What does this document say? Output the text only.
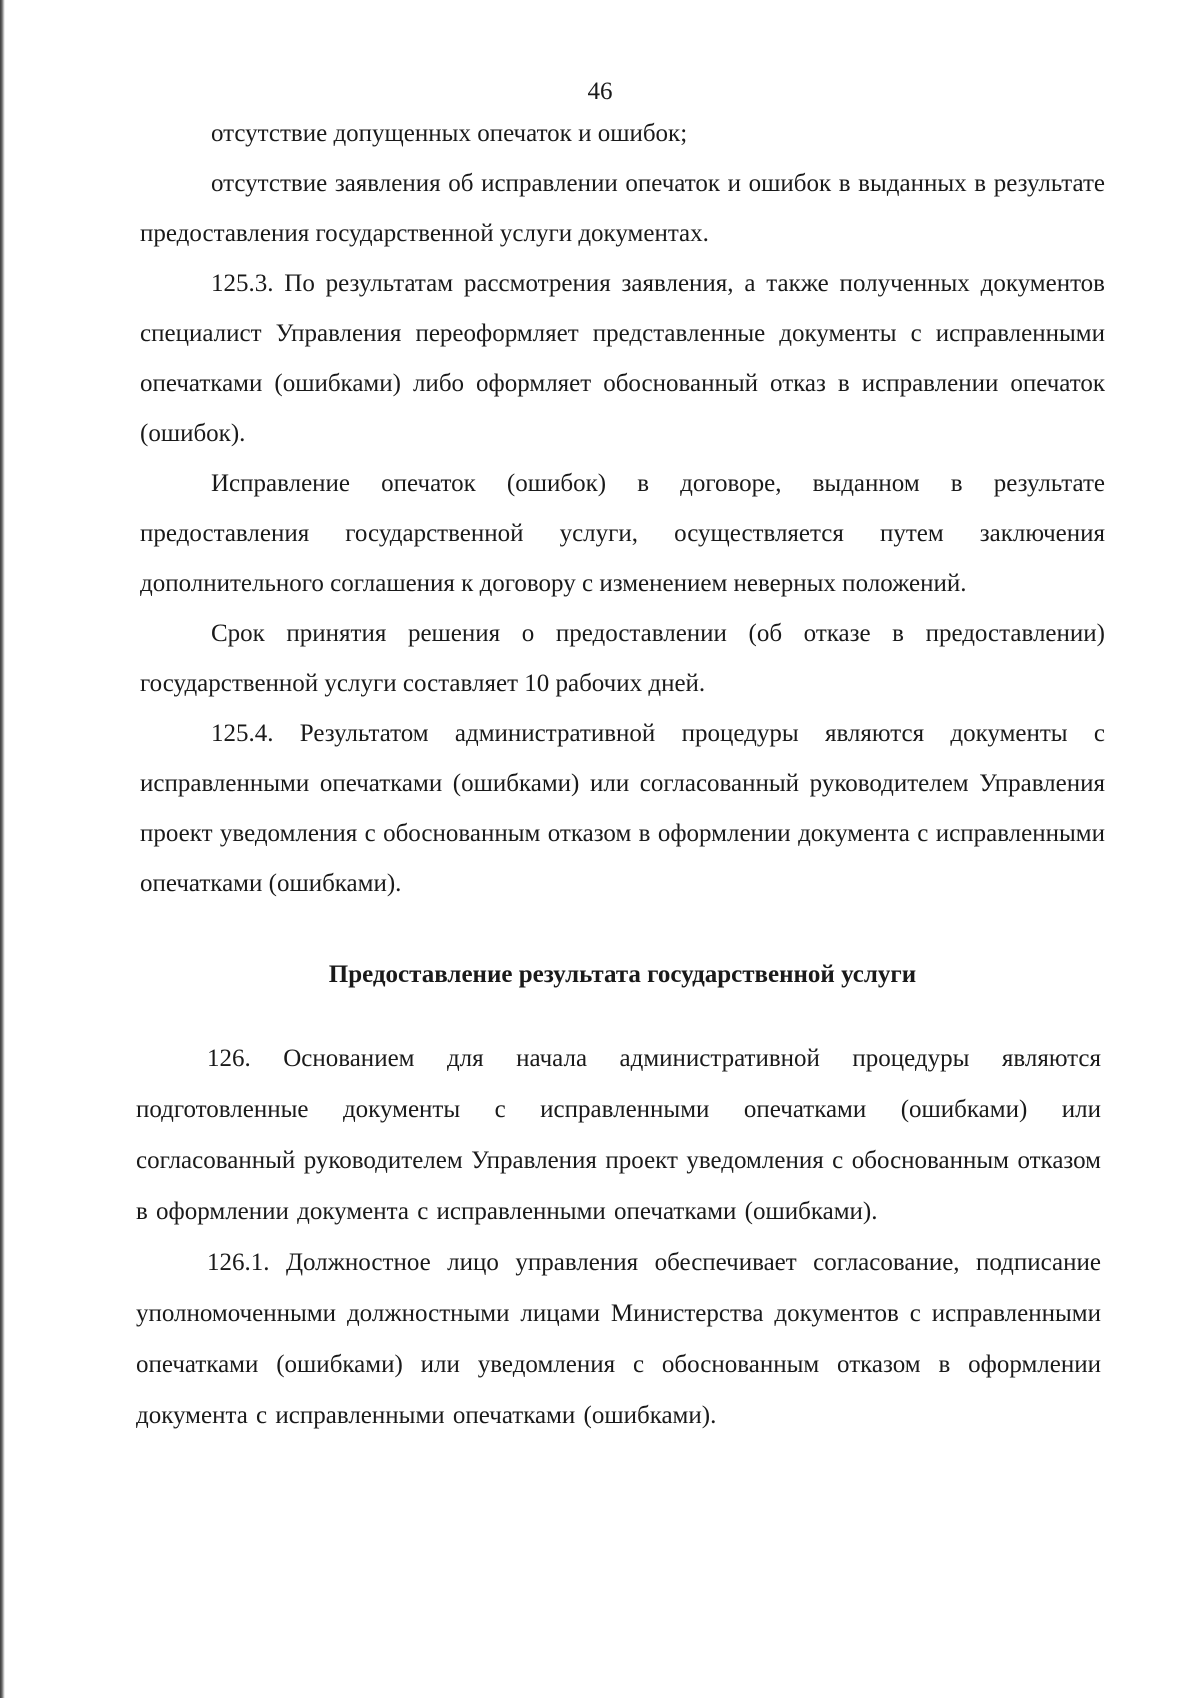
46

отсутствие допущенных опечаток и ошибок;

отсутствие заявления об исправлении опечаток и ошибок в выданных в результате предоставления государственной услуги документах.

125.3. По результатам рассмотрения заявления, а также полученных документов специалист Управления переоформляет представленные документы с исправленными опечатками (ошибками) либо оформляет обоснованный отказ в исправлении опечаток (ошибок).

Исправление опечаток (ошибок) в договоре, выданном в результате предоставления государственной услуги, осуществляется путем заключения дополнительного соглашения к договору с изменением неверных положений.

Срок принятия решения о предоставлении (об отказе в предоставлении) государственной услуги составляет 10 рабочих дней.

125.4. Результатом административной процедуры являются документы с исправленными опечатками (ошибками) или согласованный руководителем Управления проект уведомления с обоснованным отказом в оформлении документа с исправленными опечатками (ошибками).

Предоставление результата государственной услуги

126. Основанием для начала административной процедуры являются подготовленные документы с исправленными опечатками (ошибками) или согласованный руководителем Управления проект уведомления с обоснованным отказом в оформлении документа с исправленными опечатками (ошибками).

126.1. Должностное лицо управления обеспечивает согласование, подписание уполномоченными должностными лицами Министерства документов с исправленными опечатками (ошибками) или уведомления с обоснованным отказом в оформлении документа с исправленными опечатками (ошибками).
